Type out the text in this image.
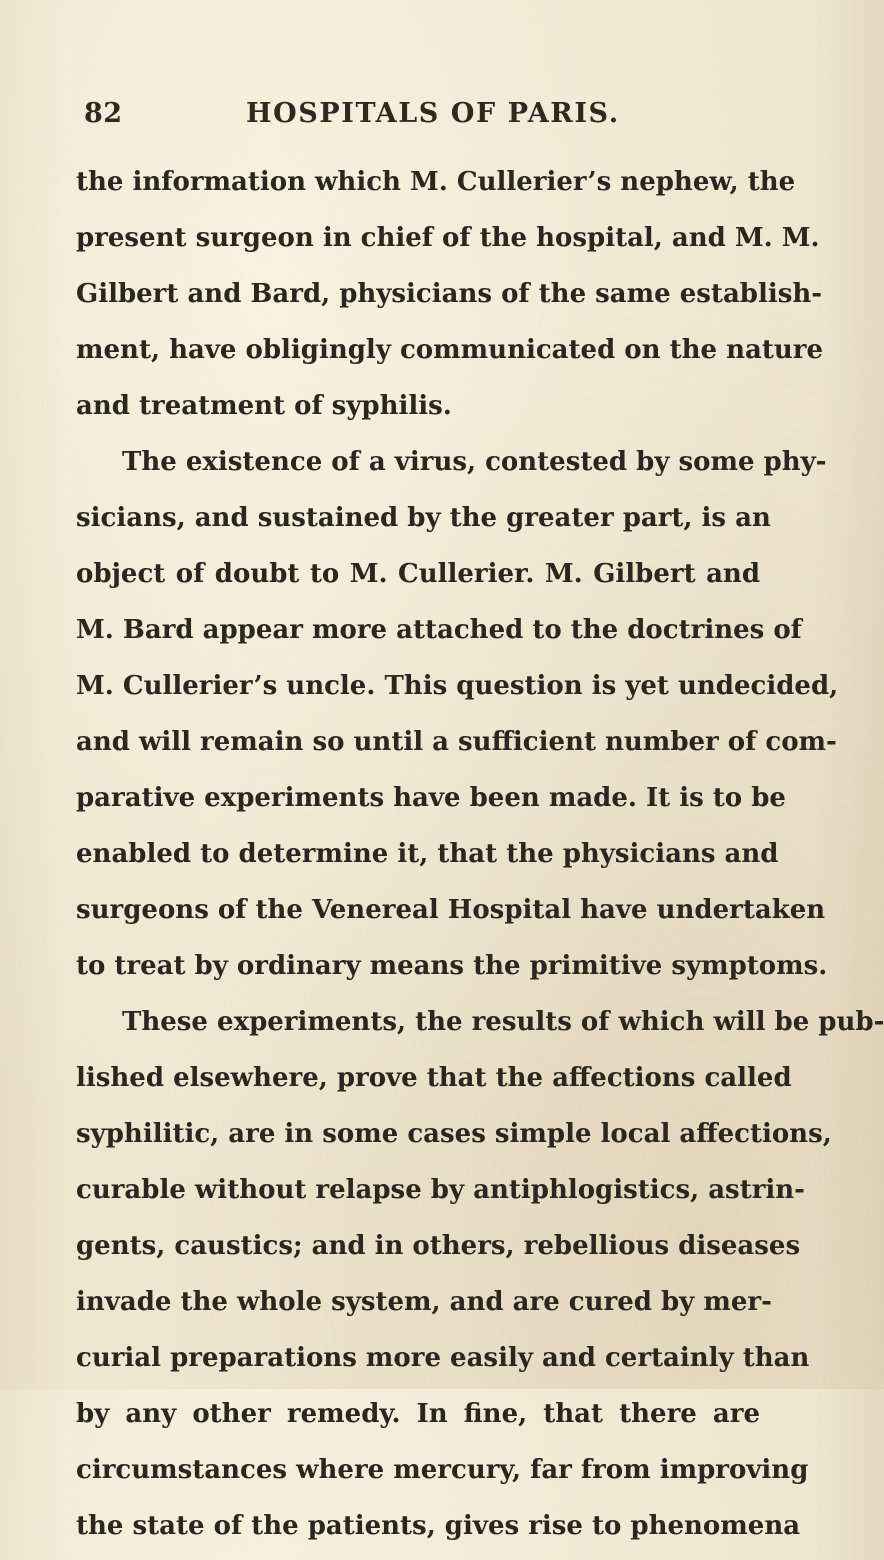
82	HOSPITALS OF PARIS.
the information which M. Cullerier’s nephew, the
present surgeon in chief of the hospital, and M. M.
Gilbert and Bard, physicians of the same establish-
ment, have obligingly communicated on the nature
and treatment of syphilis.
The existence of a virus, contested by some phy-
sicians, and sustained by the greater part, is an
object of doubt to M. Cullerier. M. Gilbert and
M. Bard appear more attached to the doctrines of
M. Cullerier’s uncle. This question is yet undecided,
and will remain so until a sufficient number of com-
parative experiments have been made. It is to be
enabled to determine it, that the physicians and
surgeons of the Venereal Hospital have undertaken
to treat by ordinary means the primitive symptoms.
These experiments, the results of which will be pub-
lished elsewhere, prove that the affections called
syphilitic, are in some cases simple local affections,
curable without relapse by antiphlogistics, astrin-
gents, caustics; and in others, rebellious diseases
invade the whole system, and are cured by mer-
curial preparations more easily and certainly than
by any other remedy. In fine, that there are
circumstances where mercury, far from improving
the state of the patients, gives rise to phenomena
